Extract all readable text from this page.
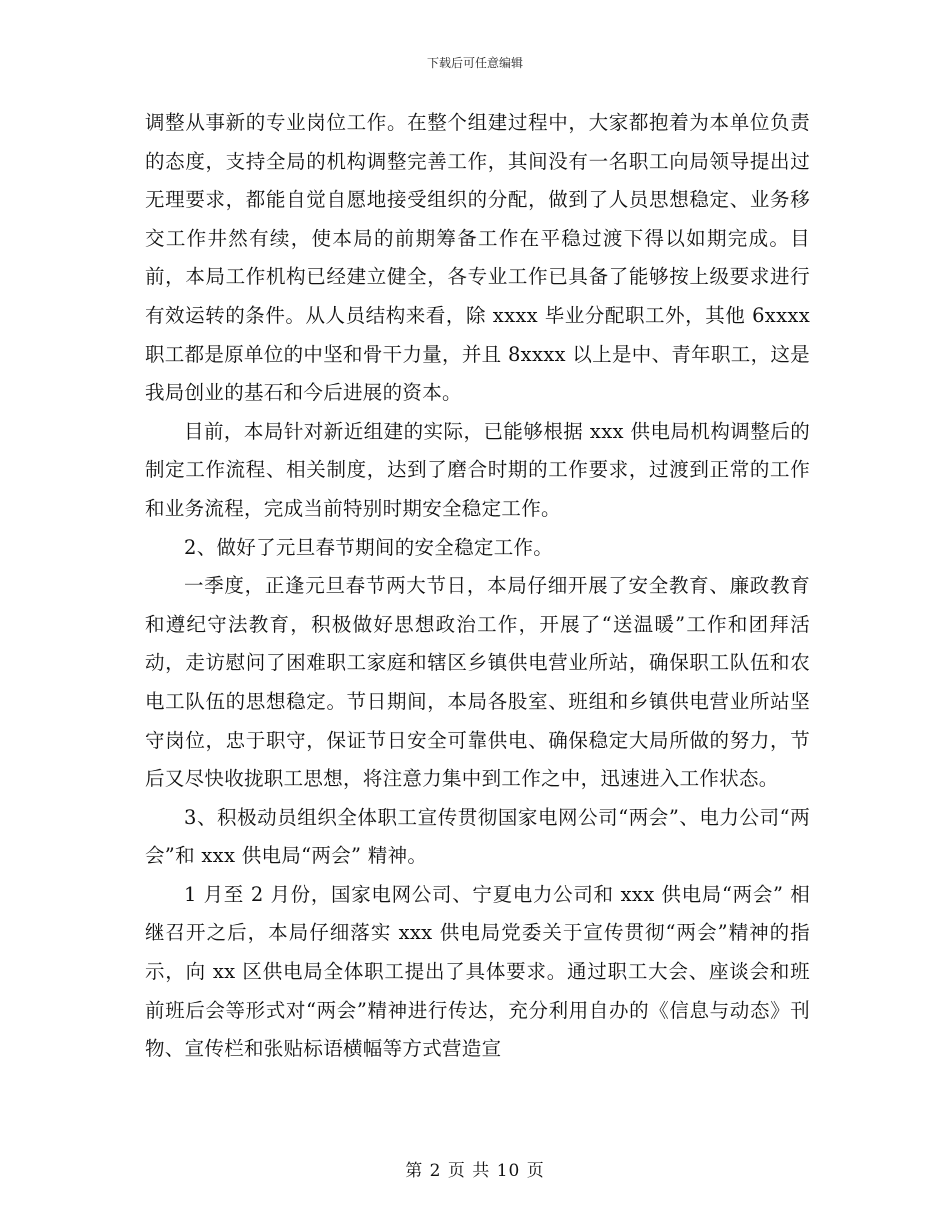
下载后可任意编辑

调整从事新的专业岗位工作。在整个组建过程中，大家都抱着为本单位负责的态度，支持全局的机构调整完善工作，其间没有一名职工向局领导提出过无理要求，都能自觉自愿地接受组织的分配，做到了人员思想稳定、业务移交工作井然有续，使本局的前期筹备工作在平稳过渡下得以如期完成。目前，本局工作机构已经建立健全，各专业工作已具备了能够按上级要求进行有效运转的条件。从人员结构来看，除 xxxx 毕业分配职工外，其他 6xxxx 职工都是原单位的中坚和骨干力量，并且 8xxxx 以上是中、青年职工，这是我局创业的基石和今后进展的资本。

目前，本局针对新近组建的实际，已能够根据 xxx 供电局机构调整后的制定工作流程、相关制度，达到了磨合时期的工作要求，过渡到正常的工作和业务流程，完成当前特别时期安全稳定工作。

2、做好了元旦春节期间的安全稳定工作。

一季度，正逢元旦春节两大节日，本局仔细开展了安全教育、廉政教育和遵纪守法教育，积极做好思想政治工作，开展了“送温暖”工作和团拜活动，走访慰问了困难职工家庭和辖区乡镇供电营业所站，确保职工队伍和农电工队伍的思想稳定。节日期间，本局各股室、班组和乡镇供电营业所站坚守岗位，忠于职守，保证节日安全可靠供电、确保稳定大局所做的努力，节后又尽快收拢职工思想，将注意力集中到工作之中，迅速进入工作状态。

3、积极动员组织全体职工宣传贯彻国家电网公司“两会”、电力公司“两会”和 xxx 供电局“两会” 精神。

1 月至 2 月份，国家电网公司、宁夏电力公司和 xxx 供电局“两会” 相继召开之后，本局仔细落实 xxx 供电局党委关于宣传贯彻“两会”精神的指示，向 xx 区供电局全体职工提出了具体要求。通过职工大会、座谈会和班前班后会等形式对“两会”精神进行传达，充分利用自办的《信息与动态》刊物、宣传栏和张贴标语横幅等方式营造宣

第 2 页 共 10 页
